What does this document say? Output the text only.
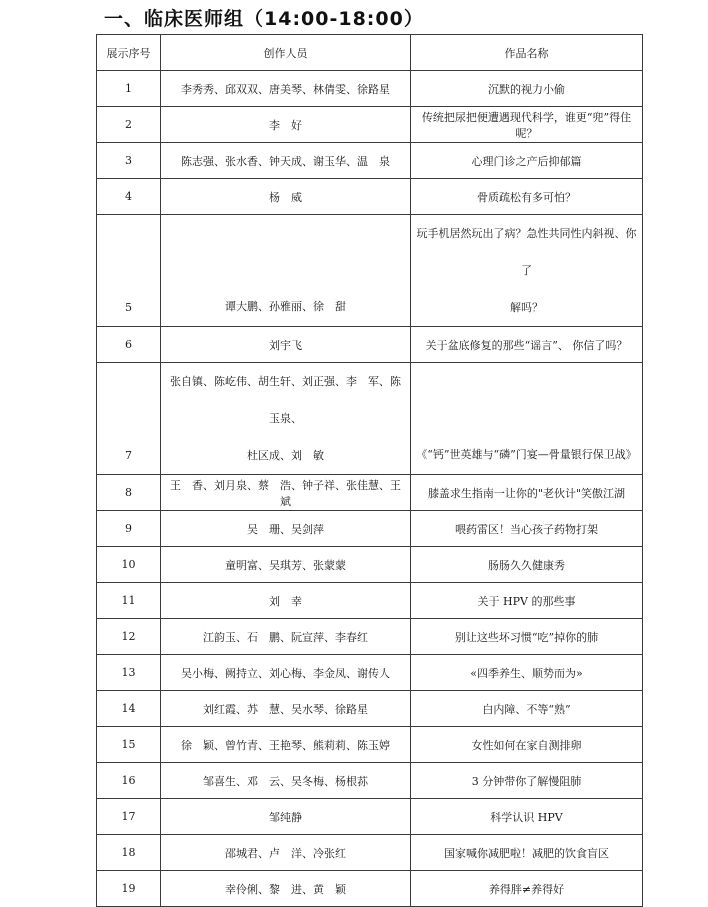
一、临床医师组（14:00-18:00）
展示序号	创作人员	作品名称
1	李秀秀、邱双双、唐美琴、林倩雯、徐路星	沉默的视力小偷
2	李　好	传统把尿把便遭遇现代科学，谁更“兜”得住呢？
3	陈志强、张水香、钟天成、谢玉华、温　泉	心理门诊之产后抑郁篇
4	杨　威	骨质疏松有多可怕？
5	谭大鹏、孙雅丽、徐　甜	玩手机居然玩出了病？急性共同性内斜视、你了
解吗？

6	刘宇飞	关于盆底修复的那些“谣言”、 你信了吗？
7	张自镇、陈屹伟、胡生轩、刘正强、李　军、陈玉泉、
杜区成、刘　敏	《“钙”世英雄与“磷”门宴—骨量银行保卫战》
8	王　香、刘月泉、蔡　浩、钟子祥、张佳慧、王　斌	膝盖求生指南一让你的"老伙计"笑傲江湖
9	吴　珊、吴剑萍	喂药雷区！当心孩子药物打架
10	童明富、吴琪芳、张蒙蒙	肠肠久久健康秀
11	刘　幸	关于 HPV 的那些事
12	江韵玉、石　鹏、阮宣萍、李春红	别让这些坏习惯“吃”掉你的肺
13	吴小梅、阙持立、刘心梅、李金凤、谢传人	«四季养生、顺势而为»
14	刘红霞、苏　慧、吴水琴、徐路星	白内障、不等“熟”
15	徐　颖、曾竹青、王艳琴、熊莉莉、陈玉婷	女性如何在家自测排卵
16	邹喜生、邓　云、吴冬梅、杨根荪	3 分钟带你了解慢阻肺
17	邹纯静	科学认识 HPV
18	邵城君、卢　洋、冷张红	国家喊你减肥啦！减肥的饮食盲区
19	幸伶俐、黎　进、黄　颖	养得胖≠养得好
